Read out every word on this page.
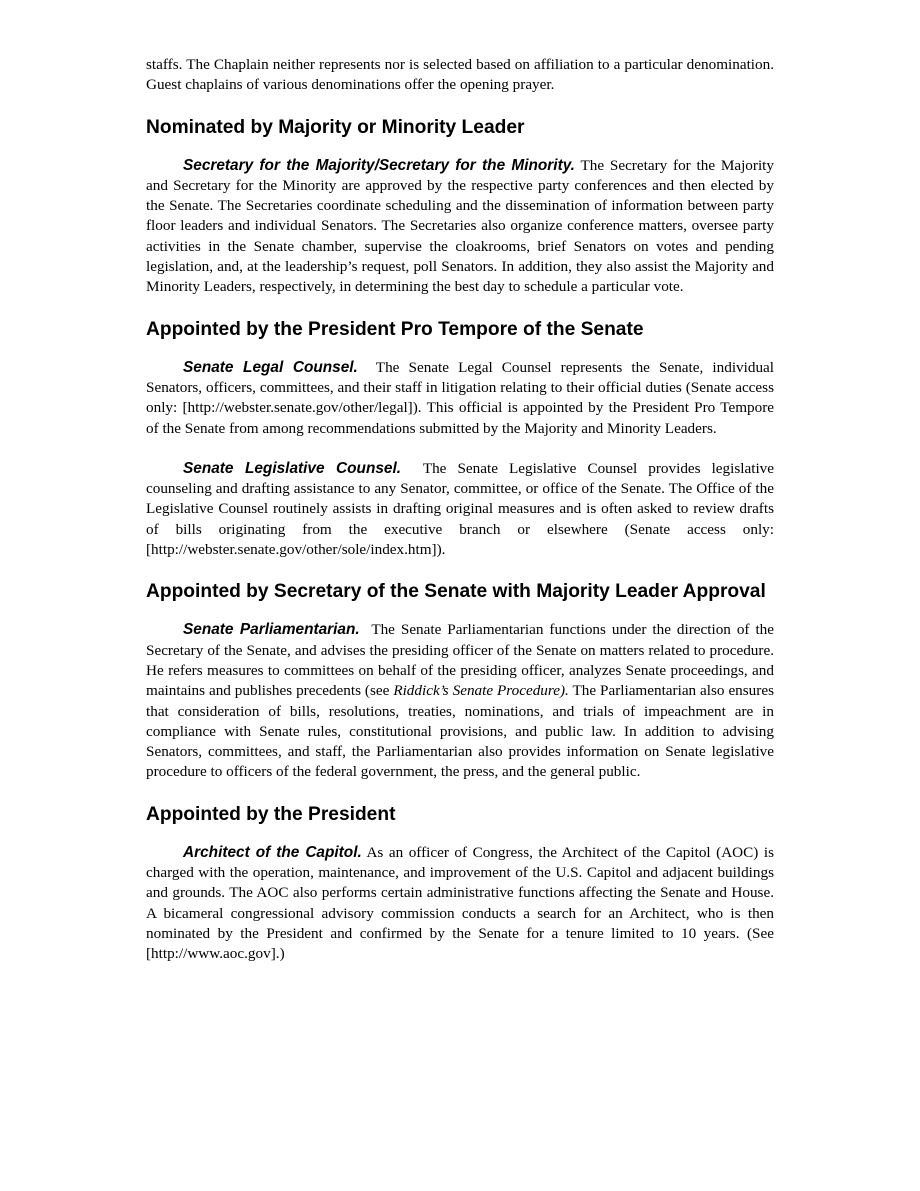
staffs. The Chaplain neither represents nor is selected based on affiliation to a particular denomination. Guest chaplains of various denominations offer the opening prayer.

Nominated by Majority or Minority Leader

Secretary for the Majority/Secretary for the Minority. The Secretary for the Majority and Secretary for the Minority are approved by the respective party conferences and then elected by the Senate. The Secretaries coordinate scheduling and the dissemination of information between party floor leaders and individual Senators. The Secretaries also organize conference matters, oversee party activities in the Senate chamber, supervise the cloakrooms, brief Senators on votes and pending legislation, and, at the leadership’s request, poll Senators. In addition, they also assist the Majority and Minority Leaders, respectively, in determining the best day to schedule a particular vote.

Appointed by the President Pro Tempore of the Senate

Senate Legal Counsel. The Senate Legal Counsel represents the Senate, individual Senators, officers, committees, and their staff in litigation relating to their official duties (Senate access only: [http://webster.senate.gov/other/legal]). This official is appointed by the President Pro Tempore of the Senate from among recommendations submitted by the Majority and Minority Leaders.

Senate Legislative Counsel. The Senate Legislative Counsel provides legislative counseling and drafting assistance to any Senator, committee, or office of the Senate. The Office of the Legislative Counsel routinely assists in drafting original measures and is often asked to review drafts of bills originating from the executive branch or elsewhere (Senate access only: [http://webster.senate.gov/other/sole/index.htm]).

Appointed by Secretary of the Senate with Majority Leader Approval

Senate Parliamentarian. The Senate Parliamentarian functions under the direction of the Secretary of the Senate, and advises the presiding officer of the Senate on matters related to procedure. He refers measures to committees on behalf of the presiding officer, analyzes Senate proceedings, and maintains and publishes precedents (see Riddick’s Senate Procedure). The Parliamentarian also ensures that consideration of bills, resolutions, treaties, nominations, and trials of impeachment are in compliance with Senate rules, constitutional provisions, and public law. In addition to advising Senators, committees, and staff, the Parliamentarian also provides information on Senate legislative procedure to officers of the federal government, the press, and the general public.

Appointed by the President

Architect of the Capitol. As an officer of Congress, the Architect of the Capitol (AOC) is charged with the operation, maintenance, and improvement of the U.S. Capitol and adjacent buildings and grounds. The AOC also performs certain administrative functions affecting the Senate and House. A bicameral congressional advisory commission conducts a search for an Architect, who is then nominated by the President and confirmed by the Senate for a tenure limited to 10 years. (See [http://www.aoc.gov].)
